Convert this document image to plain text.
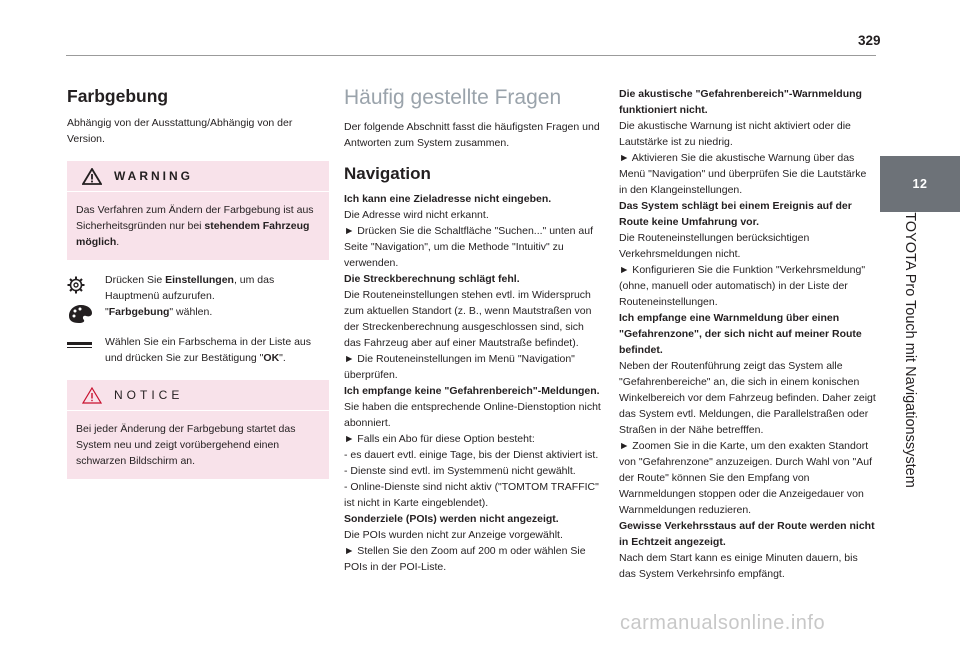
329
12
TOYOTA Pro Touch mit Navigationssystem
Farbgebung

Abhängig von der Ausstattung/Abhängig von der Version.

WARNING

Das Verfahren zum Ändern der Farbgebung ist aus Sicherheitsgründen nur bei stehendem Fahrzeug möglich.

Drücken Sie Einstellungen, um das Hauptmenü aufzurufen.

"Farbgebung" wählen.

Wählen Sie ein Farbschema in der Liste aus und drücken Sie zur Bestätigung "OK".

NOTICE

Bei jeder Änderung der Farbgebung startet das System neu und zeigt vorübergehend einen schwarzen Bildschirm an.

Häufig gestellte Fragen

Der folgende Abschnitt fasst die häufigsten Fragen und Antworten zum System zusammen.

Navigation

Ich kann eine Zieladresse nicht eingeben.

Die Adresse wird nicht erkannt.

► Drücken Sie die Schaltfläche "Suchen..." unten auf Seite "Navigation", um die Methode "Intuitiv" zu verwenden.

Die Streckberechnung schlägt fehl.

Die Routeneinstellungen stehen evtl. im Widerspruch zum aktuellen Standort (z. B., wenn Mautstraßen von der Streckenberechnung ausgeschlossen sind, sich das Fahrzeug aber auf einer Mautstraße befindet).

► Die Routeneinstellungen im Menü "Navigation" überprüfen.

Ich empfange keine "Gefahrenbereich"-Meldungen.

Sie haben die entsprechende Online-Dienstoption nicht abonniert.

► Falls ein Abo für diese Option besteht:

- es dauert evtl. einige Tage, bis der Dienst aktiviert ist.

- Dienste sind evtl. im Systemmenü nicht gewählt.

- Online-Dienste sind nicht aktiv ("TOMTOM TRAFFIC" ist nicht in Karte eingeblendet).

Sonderziele (POIs) werden nicht angezeigt.

Die POIs wurden nicht zur Anzeige vorgewählt.

► Stellen Sie den Zoom auf 200 m oder wählen Sie POIs in der POI-Liste.

Die akustische "Gefahrenbereich"-Warnmeldung funktioniert nicht.

Die akustische Warnung ist nicht aktiviert oder die Lautstärke ist zu niedrig.

► Aktivieren Sie die akustische Warnung über das Menü "Navigation" und überprüfen Sie die Lautstärke in den Klangeinstellungen.

Das System schlägt bei einem Ereignis auf der Route keine Umfahrung vor.

Die Routeneinstellungen berücksichtigen Verkehrsmeldungen nicht.

► Konfigurieren Sie die Funktion "Verkehrsmeldung" (ohne, manuell oder automatisch) in der Liste der Routeneinstellungen.

Ich empfange eine Warnmeldung über einen "Gefahrenzone", der sich nicht auf meiner Route befindet.

Neben der Routenführung zeigt das System alle "Gefahrenbereiche" an, die sich in einem konischen Winkelbereich vor dem Fahrzeug befinden. Daher zeigt das System evtl. Meldungen, die Parallelstraßen oder Straßen in der Nähe betrefffen.

► Zoomen Sie in die Karte, um den exakten Standort von "Gefahrenzone" anzuzeigen. Durch Wahl von "Auf der Route" können Sie den Empfang von Warnmeldungen stoppen oder die Anzeigedauer von Warnmeldungen reduzieren.

Gewisse Verkehrsstaus auf der Route werden nicht in Echtzeit angezeigt.

Nach dem Start kann es einige Minuten dauern, bis das System Verkehrsinfo empfängt.

carmanualsonline.info
